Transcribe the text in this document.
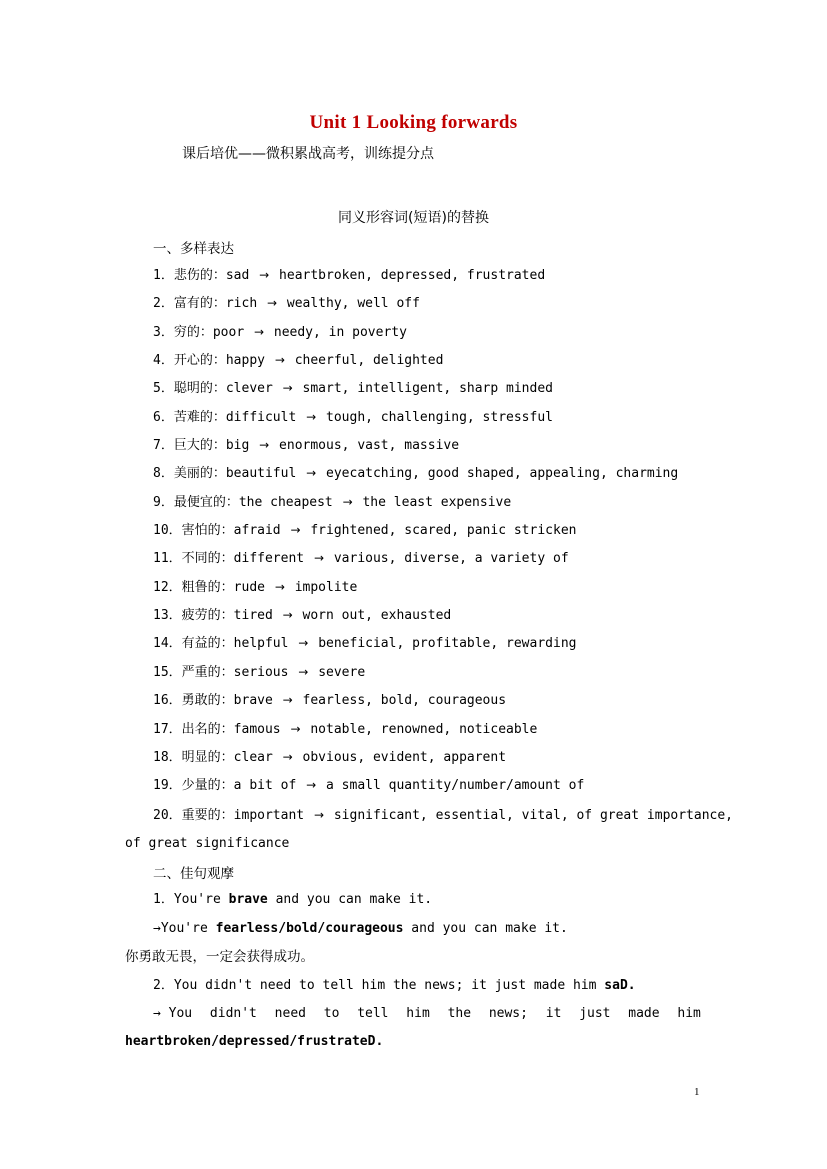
Unit 1 Looking forwards
课后培优——微积累战高考，训练提分点
同义形容词(短语)的替换
一、多样表达
1．悲伤的：sad → heartbroken, depressed, frustrated
2．富有的：rich → wealthy, well off
3．穷的：poor → needy, in poverty
4．开心的：happy → cheerful, delighted
5．聪明的：clever → smart, intelligent, sharp minded
6．苦难的：difficult → tough, challenging, stressful
7．巨大的：big → enormous, vast, massive
8．美丽的：beautiful → eyecatching, good shaped, appealing, charming
9．最便宜的：the cheapest → the least expensive
10．害怕的：afraid → frightened, scared, panic stricken
11．不同的：different → various, diverse, a variety of
12．粗鲁的：rude → impolite
13．疲劳的：tired → worn out, exhausted
14．有益的：helpful → beneficial, profitable, rewarding
15．严重的：serious → severe
16．勇敢的：brave → fearless, bold, courageous
17．出名的：famous → notable, renowned, noticeable
18．明显的：clear → obvious, evident, apparent
19．少量的：a bit of → a small quantity/number/amount of
20．重要的：important → significant, essential, vital, of great importance,
of great significance
二、佳句观摩
1．You're brave and you can make it.
→You're fearless/bold/courageous and you can make it.
你勇敢无畏，一定会获得成功。
2．You didn't need to tell him the news; it just made him saD.
→ You didn't need to tell him the news; it just made him
heartbroken/depressed/frustrateD.
1
